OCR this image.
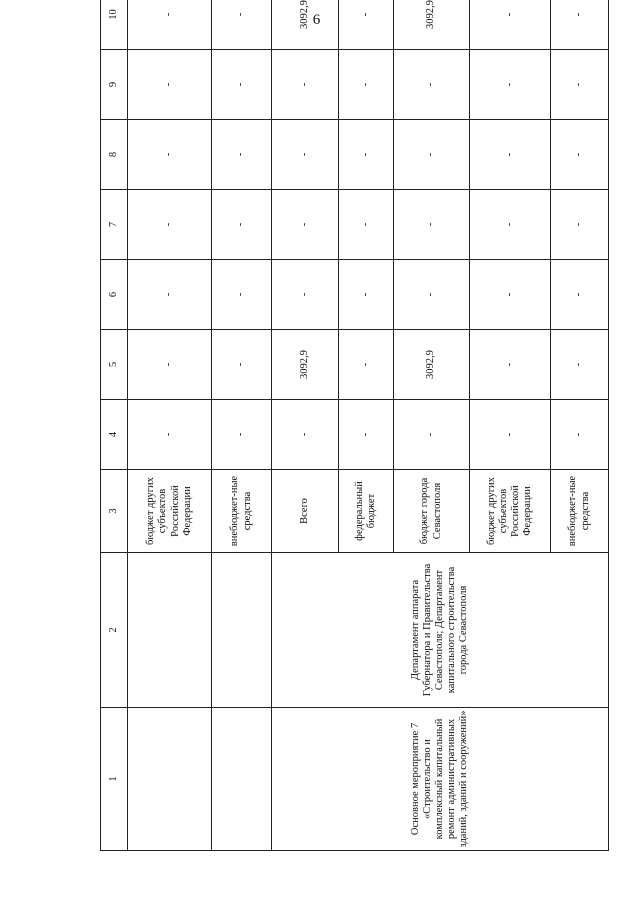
6
1	2	3	4	5	6	7	8	9	10
		бюджет других субъектов Российской Федерации	-	-	-	-	-	-	-
		внебюджет-ные средства	-	-	-	-	-	-	-
Основное мероприятие 7 «Строительство и комплексный капитальный ремонт административных зданий, зданий и сооружений»	Департамент аппарата Губернатора и Правительства Севастополя; Департамент капитального строительства города Севастополя	Всего	-	3092,9	-	-	-	-	3092,9
		федеральный бюджет	-	-	-	-	-	-	-
		бюджет города Севастополя	-	3092,9	-	-	-	-	3092,9
		бюджет других субъектов Российской Федерации	-	-	-	-	-	-	-
		внебюджет-ные средства	-	-	-	-	-	-	-
